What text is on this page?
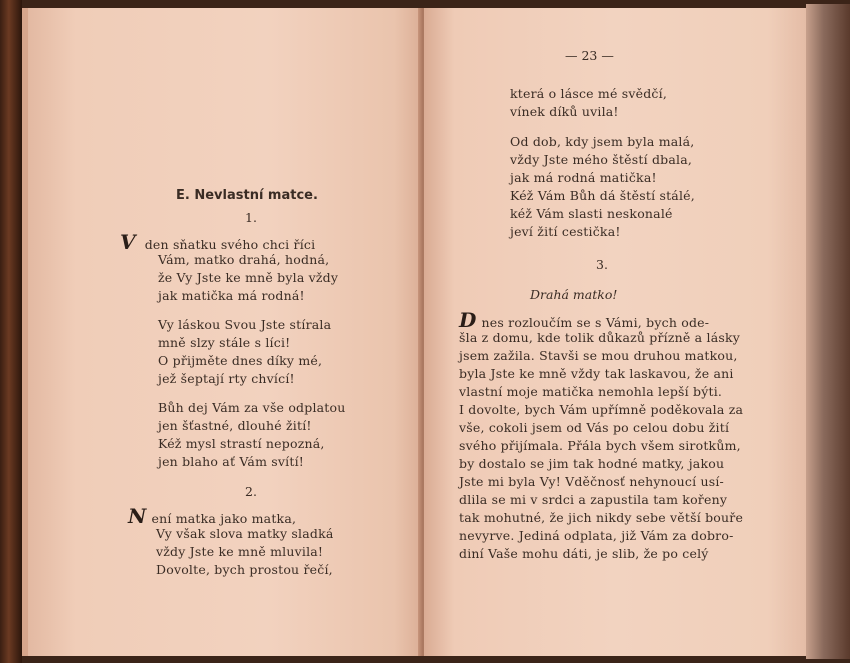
E. Nevlastní matce.
1.
V den sňatku svého chci říci
Vám, matko drahá, hodná,
že Vy Jste ke mně byla vždy
jak matička má rodná!
Vy láskou Svou Jste stírala
mně slzy stále s líci!
O přijměte dnes díky mé,
jež šeptají rty chvící!
Bůh dej Vám za vše odplatou
jen šťastné, dlouhé žití!
Kéž mysl strastí nepozná,
jen blaho ať Vám svítí!
2.
N ení matka jako matka,
Vy však slova matky sladká
vždy Jste ke mně mluvila!
Dovolte, bych prostou řečí,
— 23 —
která o lásce mé svědčí,
vínek díků uvila!
Od dob, kdy jsem byla malá,
vždy Jste mého štěstí dbala,
jak má rodná matička!
Kéž Vám Bůh dá štěstí stálé,
kéž Vám slasti neskonalé
jeví žití cestička!
3.
Drahá matko!
D nes rozloučím se s Vámi, bych ode-
šla z domu, kde tolik důkazů přízně a lásky
jsem zažila. Stavši se mou druhou matkou,
byla Jste ke mně vždy tak laskavou, že ani
vlastní moje matička nemohla lepší býti.
I dovolte, bych Vám upřímně poděkovala za
vše, cokoli jsem od Vás po celou dobu žití
svého přijímala. Přála bych všem sirotkům,
by dostalo se jim tak hodné matky, jakou
Jste mi byla Vy! Vděčnosť nehynoucí usí-
dlila se mi v srdci a zapustila tam kořeny
tak mohutné, že jich nikdy sebe větší bouře
nevyrve. Jediná odplata, již Vám za dobro-
diní Vaše mohu dáti, je slib, že po celý
